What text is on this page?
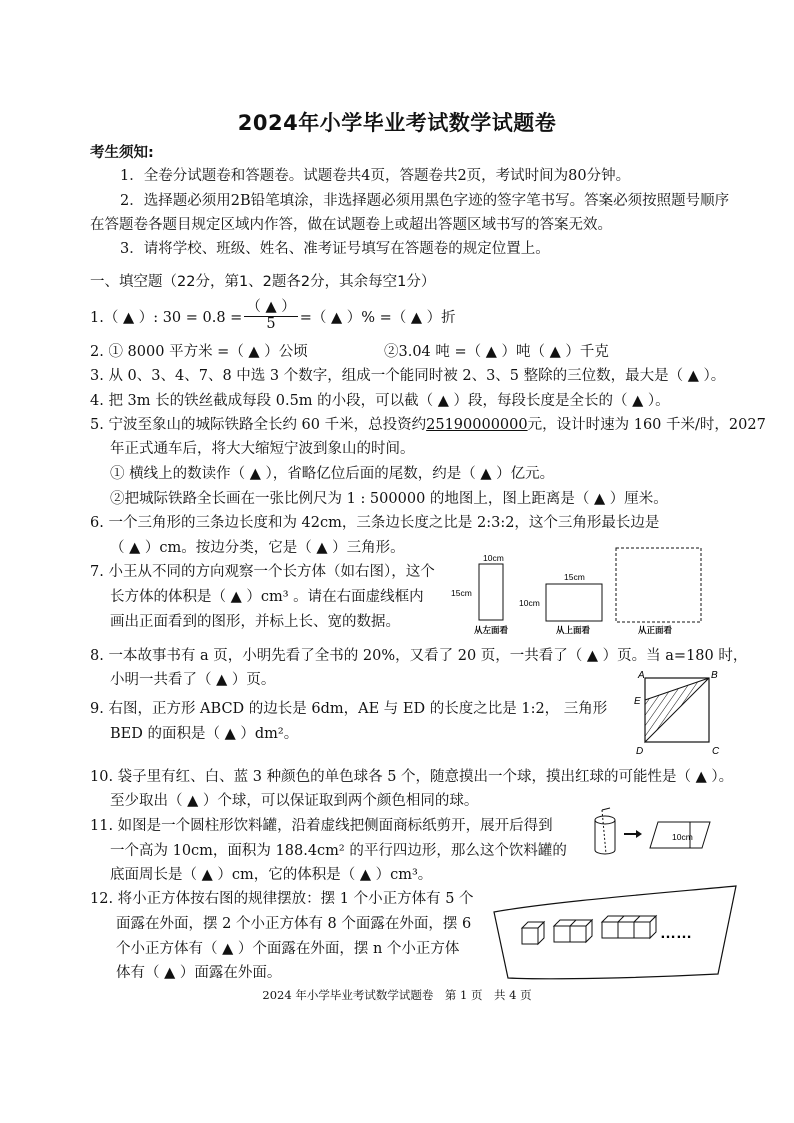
2024年小学毕业考试数学试题卷
考生须知:
1．全卷分试题卷和答题卷。试题卷共4页，答题卷共2页，考试时间为80分钟。
2．选择题必须用2B铅笔填涂，非选择题必须用黑色字迹的签字笔书写。答案必须按照题号顺序
在答题卷各题目规定区域内作答，做在试题卷上或超出答题区域书写的答案无效。
3．请将学校、班级、姓名、准考证号填写在答题卷的规定位置上。
一、填空题（22分，第1、2题各2分，其余每空1分）
1.（ ▲ ）: $30 = 0.8 = \frac{( ▲ )}{5}$ =（ ▲ ）% =（ ▲ ）折
2. ① 8000 平方米 =（ ▲ ）公顷	②3.04 吨 =（ ▲ ）吨（ ▲ ）千克
3. 从 0、3、4、7、8 中选 3 个数字，组成一个能同时被 2、3、5 整除的三位数，最大是（ ▲ ）。
4. 把 3m 长的铁丝截成每段 0.5m 的小段，可以截（ ▲ ）段，每段长度是全长的（ ▲ ）。
5. 宁波至象山的城际铁路全长约 60 千米，总投资约25190000000元，设计时速为 160 千米/时，2027
年正式通车后，将大大缩短宁波到象山的时间。
① 横线上的数读作（ ▲ ），省略亿位后面的尾数，约是（ ▲ ）亿元。
②把城际铁路全长画在一张比例尺为 1 : 500000 的地图上，图上距离是（ ▲ ）厘米。
6. 一个三角形的三条边长度和为 42cm，三条边长度之比是 2:3:2，这个三角形最长边是
（ ▲ ）cm。按边分类，它是（ ▲ ）三角形。
7. 小王从不同的方向观察一个长方体（如右图），这个
长方体的体积是（ ▲ ）cm³ 。请在右面虚线框内
画出正面看到的图形，并标上长、宽的数据。
10cm
15cm
从左面看
15cm
10cm
从上面看	从正面看
8. 一本故事书有 a 页，小明先看了全书的 20%，又看了 20 页，一共看了（ ▲ ）页。当 a=180 时，
小明一共看了（ ▲ ）页。
9. 右图，正方形 ABCD 的边长是 6dm，AE 与 ED 的长度之比是 1:2， 三角形
BED 的面积是（ ▲ ）dm²。
A	B
E
D	C
10. 袋子里有红、白、蓝 3 种颜色的单色球各 5 个，随意摸出一个球，摸出红球的可能性是（ ▲ ）。
至少取出（ ▲ ）个球，可以保证取到两个颜色相同的球。
11. 如图是一个圆柱形饮料罐，沿着虚线把侧面商标纸剪开，展开后得到
一个高为 10cm，面积为 188.4cm² 的平行四边形，那么这个饮料罐的
底面周长是（ ▲ ）cm，它的体积是（ ▲ ）cm³。
10cm
12. 将小正方体按右图的规律摆放：摆 1 个小正方体有 5 个
面露在外面，摆 2 个小正方体有 8 个面露在外面，摆 6
个小正方体有（ ▲ ）个面露在外面，摆 n 个小正方体
体有（ ▲ ）面露在外面。
……
2024 年小学毕业考试数学试题卷　第 1 页　共 4 页
